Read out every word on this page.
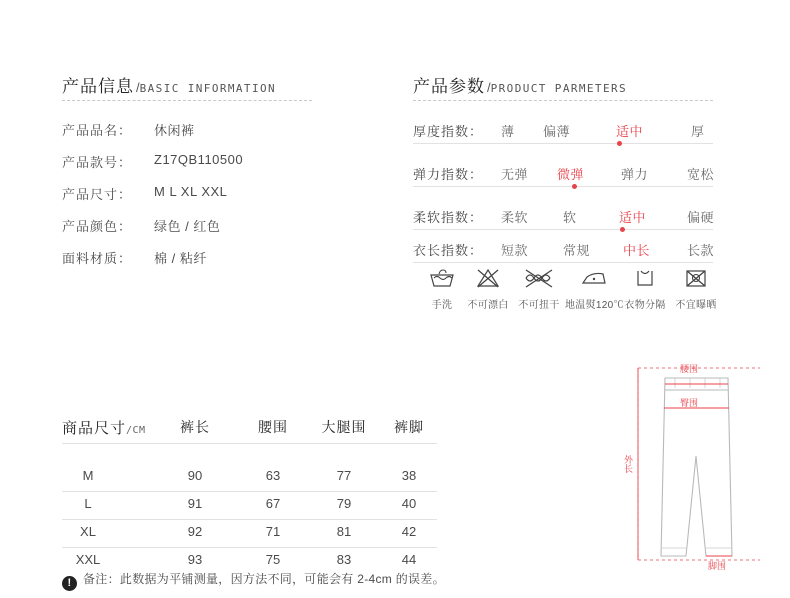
产品信息 /BASIC INFORMATION
产品品名： 休闲裤
产品款号： Z17QB110500
产品尺寸： M L XL XXL
产品颜色： 绿色 / 红色
面料材质： 棉 / 粘纤
产品参数 /PRODUCT PARMETERS
厚度指数： 薄 偏薄	适中	厚
弹力指数： 无弹 微弹	弹力	宽松
柔软指数： 柔软	软	适中	偏硬
衣长指数： 短款	常规	中长	长款
手洗	不可漂白 不可扭干 地温熨120℃ 衣物分隔 不宜曝晒
商品尺寸/CM	裤长	腰围	大腿围	裤脚
M	90	63	77	38
L	91	67	79	40
XL	92	71	81	42
XXL	93	75	83	44
! 备注：此数据为平铺测量，因方法不同，可能会有 2-4cm 的误差。
腰围
臀围
外长
脚围
